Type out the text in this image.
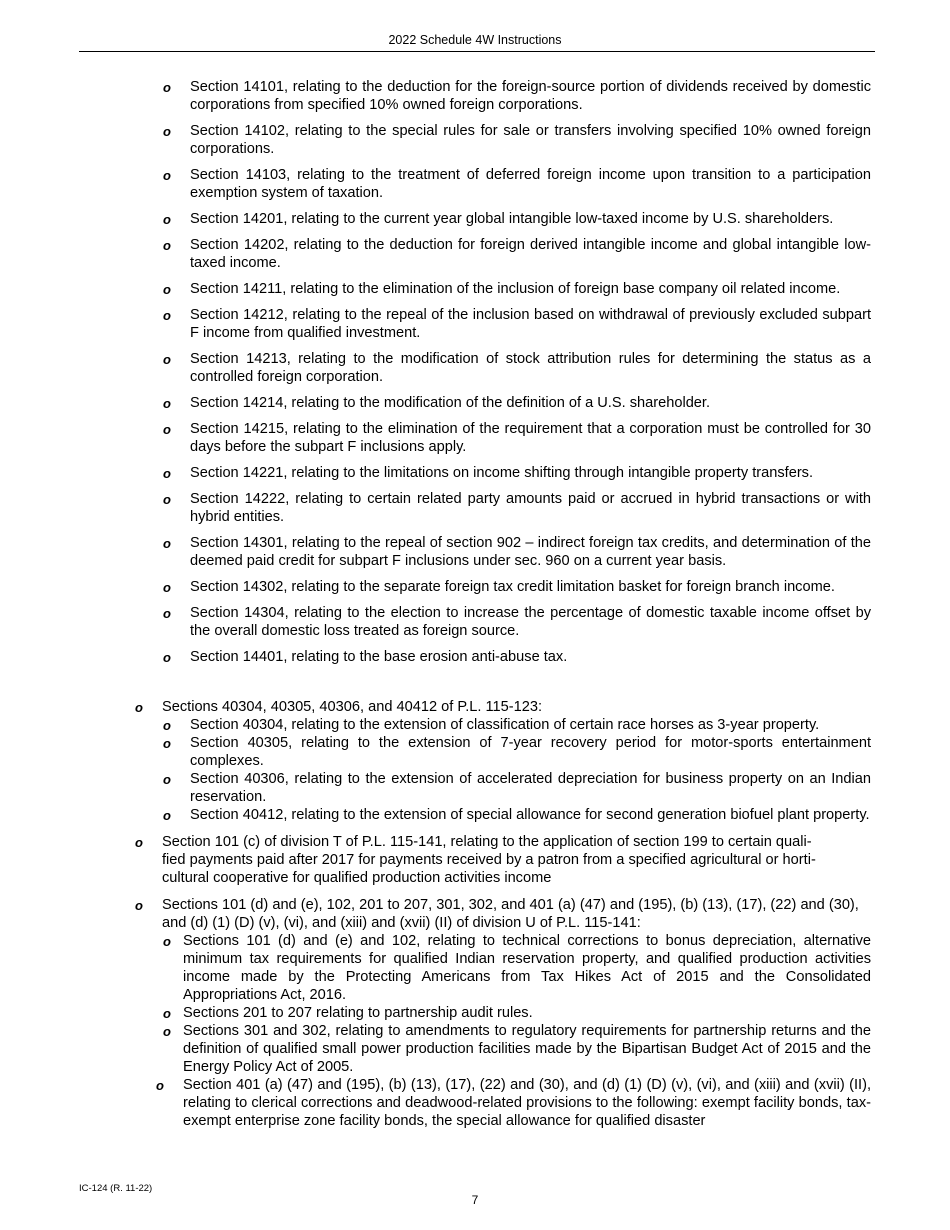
2022 Schedule 4W Instructions
o Section 14101, relating to the deduction for the foreign-source portion of dividends received by domestic corporations from specified 10% owned foreign corporations.
o Section 14102, relating to the special rules for sale or transfers involving specified 10% owned foreign corporations.
o Section 14103, relating to the treatment of deferred foreign income upon transition to a participation exemption system of taxation.
o Section 14201, relating to the current year global intangible low-taxed income by U.S. shareholders.
o Section 14202, relating to the deduction for foreign derived intangible income and global intangible low-taxed income.
o Section 14211, relating to the elimination of the inclusion of foreign base company oil related income.
o Section 14212, relating to the repeal of the inclusion based on withdrawal of previously excluded subpart F income from qualified investment.
o Section 14213, relating to the modification of stock attribution rules for determining the status as a controlled foreign corporation.
o Section 14214, relating to the modification of the definition of a U.S. shareholder.
o Section 14215, relating to the elimination of the requirement that a corporation must be controlled for 30 days before the subpart F inclusions apply.
o Section 14221, relating to the limitations on income shifting through intangible property transfers.
o Section 14222, relating to certain related party amounts paid or accrued in hybrid transactions or with hybrid entities.
o Section 14301, relating to the repeal of section 902 – indirect foreign tax credits, and determination of the deemed paid credit for subpart F inclusions under sec. 960 on a current year basis.
o Section 14302, relating to the separate foreign tax credit limitation basket for foreign branch income.
o Section 14304, relating to the election to increase the percentage of domestic taxable income offset by the overall domestic loss treated as foreign source.
o Section 14401, relating to the base erosion anti-abuse tax.
o Sections 40304, 40305, 40306, and 40412 of P.L. 115-123:
o Section 40304, relating to the extension of classification of certain race horses as 3-year property.
o Section 40305, relating to the extension of 7-year recovery period for motor-sports entertainment complexes.
o Section 40306, relating to the extension of accelerated depreciation for business property on an Indian reservation.
o Section 40412, relating to the extension of special allowance for second generation biofuel plant property.
o Section 101 (c) of division T of P.L. 115-141, relating to the application of section 199 to certain quali-
fied payments paid after 2017 for payments received by a patron from a specified agricultural or horti-
cultural cooperative for qualified production activities income
o Sections 101 (d) and (e), 102, 201 to 207, 301, 302, and 401 (a) (47) and (195), (b) (13), (17), (22) and (30), and (d) (1) (D) (v), (vi), and (xiii) and (xvii) (II) of division U of P.L. 115-141:
o Sections 101 (d) and (e) and 102, relating to technical corrections to bonus depreciation, alternative minimum tax requirements for qualified Indian reservation property, and qualified production activities income made by the Protecting Americans from Tax Hikes Act of 2015 and the Consolidated Appropriations Act, 2016.
o Sections 201 to 207 relating to partnership audit rules.
o Sections 301 and 302, relating to amendments to regulatory requirements for partnership returns and the definition of qualified small power production facilities made by the Bipartisan Budget Act of 2015 and the Energy Policy Act of 2005.
o Section 401 (a) (47) and (195), (b) (13), (17), (22) and (30), and (d) (1) (D) (v), (vi), and (xiii) and (xvii) (II), relating to clerical corrections and deadwood-related provisions to the following: exempt facility bonds, tax-exempt enterprise zone facility bonds, the special allowance for qualified disaster
IC-124 (R. 11-22)
7
